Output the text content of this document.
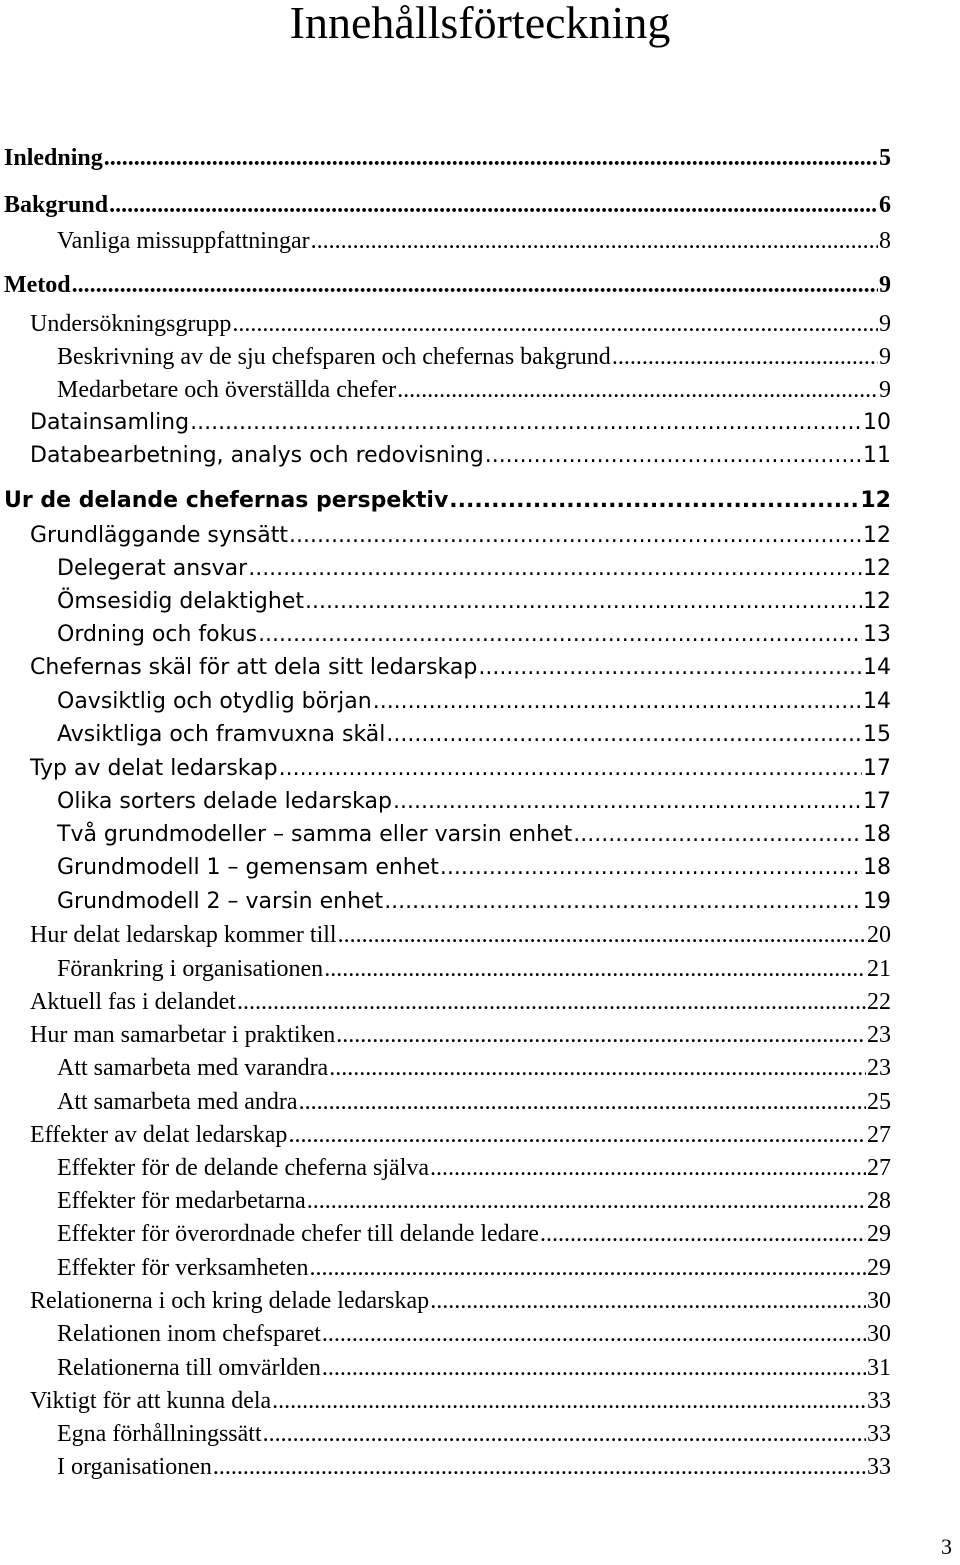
Innehållsförteckning
Inledning .....	5
Bakgrund .....	6
Vanliga missuppfattningar .....	8
Metod .....	9
Undersökningsgrupp .....	9
Beskrivning av de sju chefsparen och chefernas bakgrund .....	9
Medarbetare och överställda chefer .....	9
Datainsamling .....	10
Databearbetning, analys och redovisning .....	11
Ur de delande chefernas perspektiv .....	12
Grundläggande synsätt .....	12
Delegerat ansvar .....	12
Ömsesidig delaktighet .....	12
Ordning och fokus .....	13
Chefernas skäl för att dela sitt ledarskap .....	14
Oavsiktlig och otydlig början .....	14
Avsiktliga och framvuxna skäl .....	15
Typ av delat ledarskap .....	17
Olika sorters delade ledarskap .....	17
Två grundmodeller – samma eller varsin enhet .....	18
Grundmodell 1 – gemensam enhet .....	18
Grundmodell 2 – varsin enhet .....	19
Hur delat ledarskap kommer till .....	20
Förankring i organisationen .....	21
Aktuell fas i delandet .....	22
Hur man samarbetar i praktiken .....	23
Att samarbeta med varandra .....	23
Att samarbeta med andra .....	25
Effekter av delat ledarskap .....	27
Effekter för de delande cheferna själva .....	27
Effekter för medarbetarna .....	28
Effekter för överordnade chefer till delande ledare .....	29
Effekter för verksamheten .....	29
Relationerna i och kring delade ledarskap .....	30
Relationen inom chefsparet .....	30
Relationerna till omvärlden .....	31
Viktigt för att kunna dela .....	33
Egna förhållningssätt .....	33
I organisationen .....	33
3
